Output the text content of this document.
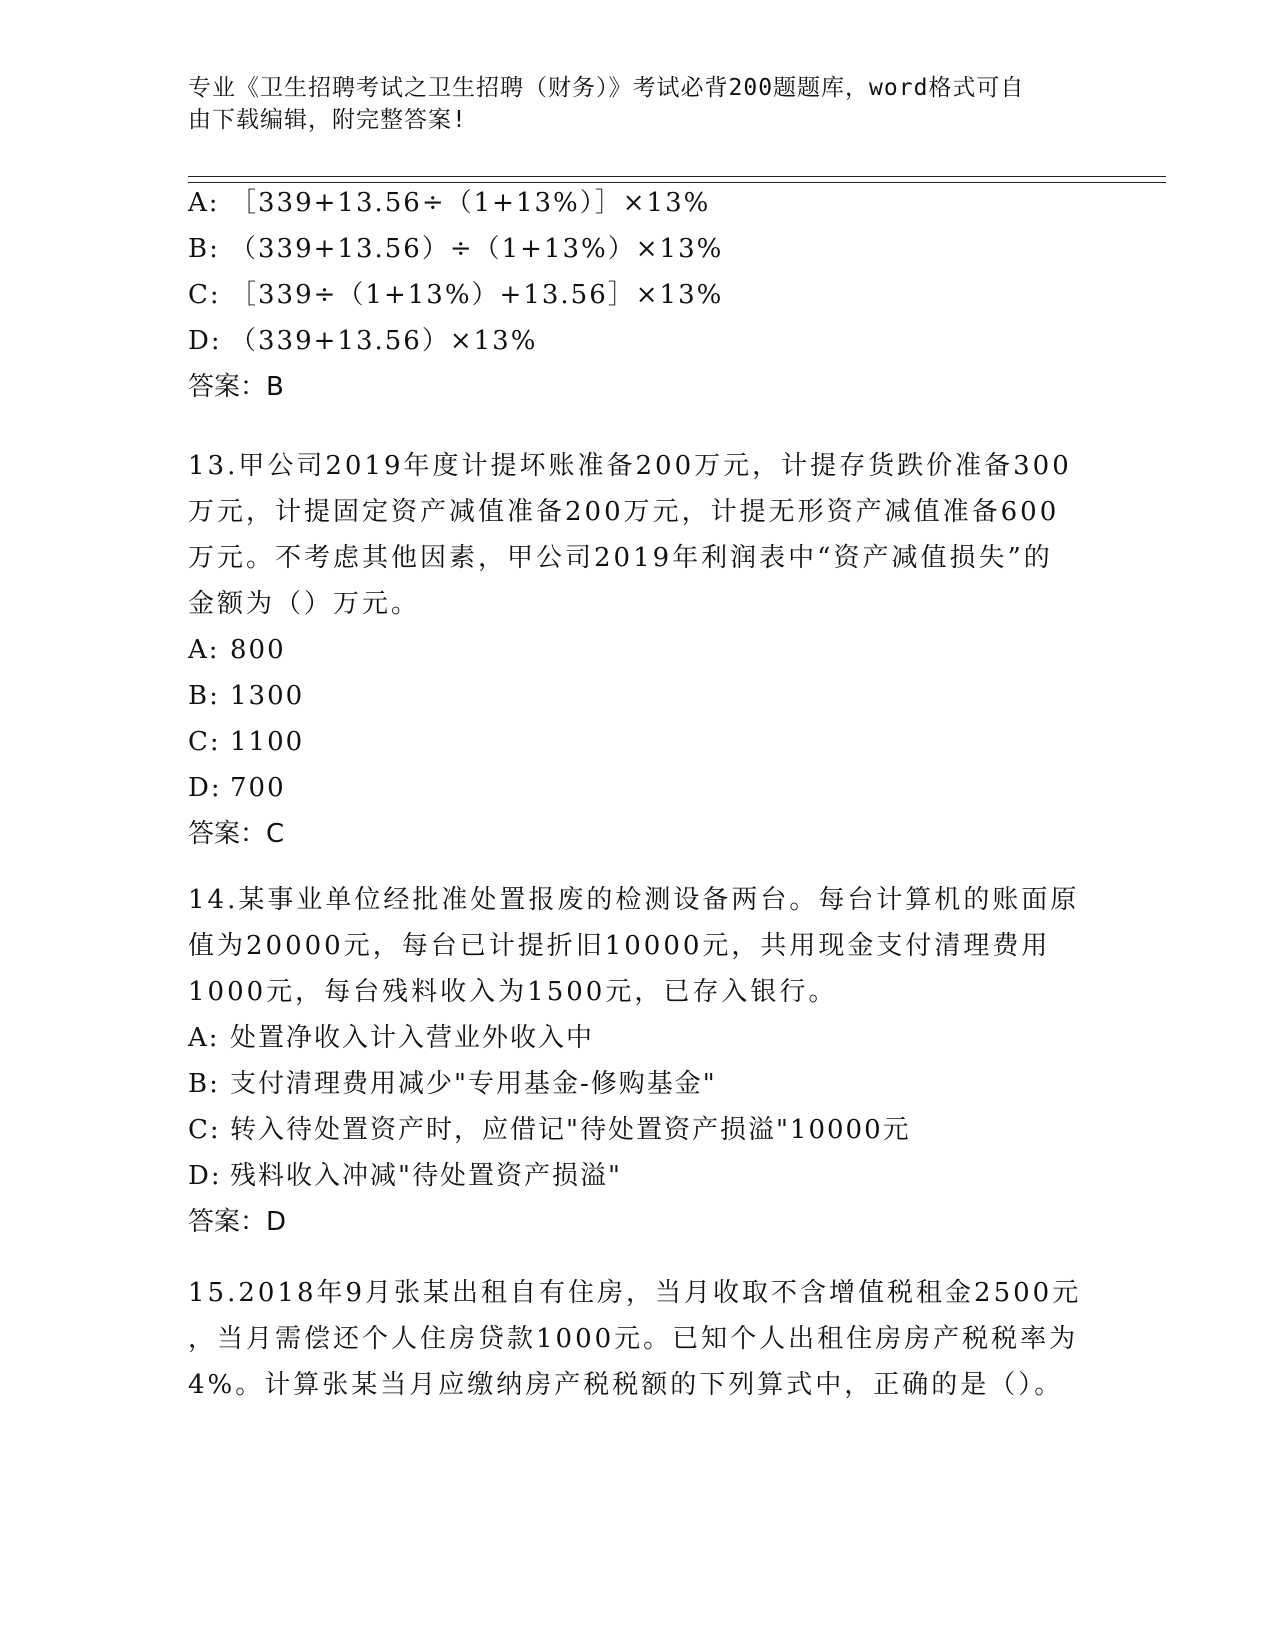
专业《卫生招聘考试之卫生招聘（财务）》考试必背200题题库，word格式可自
由下载编辑，附完整答案!
A: ［339+13.56÷（1+13%）］×13%
B: （339+13.56）÷（1+13%）×13%
C: ［339÷（1+13%）+13.56］×13%
D: （339+13.56）×13%
答案：B
13.甲公司2019年度计提坏账准备200万元，计提存货跌价准备300
万元，计提固定资产减值准备200万元，计提无形资产减值准备600
万元。不考虑其他因素，甲公司2019年利润表中“资产减值损失”的
金额为（）万元。
A: 800
B: 1300
C: 1100
D: 700
答案：C
14.某事业单位经批准处置报废的检测设备两台。每台计算机的账面原
值为20000元，每台已计提折旧10000元，共用现金支付清理费用
1000元，每台残料收入为1500元，已存入银行。
A: 处置净收入计入营业外收入中
B: 支付清理费用减少"专用基金-修购基金"
C: 转入待处置资产时，应借记"待处置资产损溢"10000元
D: 残料收入冲减"待处置资产损溢"
答案：D
15.2018年9月张某出租自有住房，当月收取不含增值税租金2500元
，当月需偿还个人住房贷款1000元。已知个人出租住房房产税税率为
4%。计算张某当月应缴纳房产税税额的下列算式中，正确的是（）。
